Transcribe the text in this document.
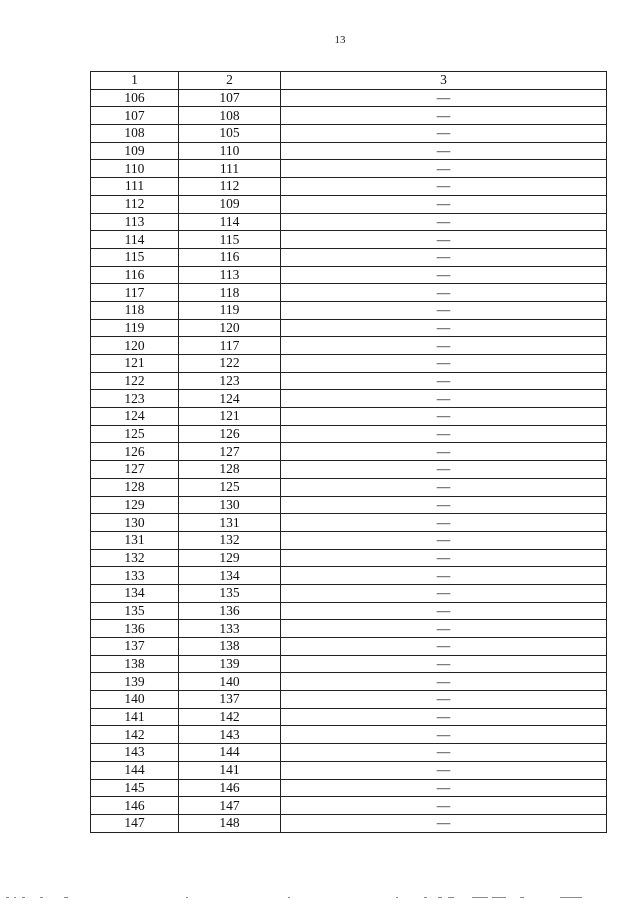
13
1	2	3
106	107	—
107	108	—
108	105	—
109	110	—
110	111	—
111	112	—
112	109	—
113	114	—
114	115	—
115	116	—
116	113	—
117	118	—
118	119	—
119	120	—
120	117	—
121	122	—
122	123	—
123	124	—
124	121	—
125	126	—
126	127	—
127	128	—
128	125	—
129	130	—
130	131	—
131	132	—
132	129	—
133	134	—
134	135	—
135	136	—
136	133	—
137	138	—
138	139	—
139	140	—
140	137	—
141	142	—
142	143	—
143	144	—
144	141	—
145	146	—
146	147	—
147	148	—
